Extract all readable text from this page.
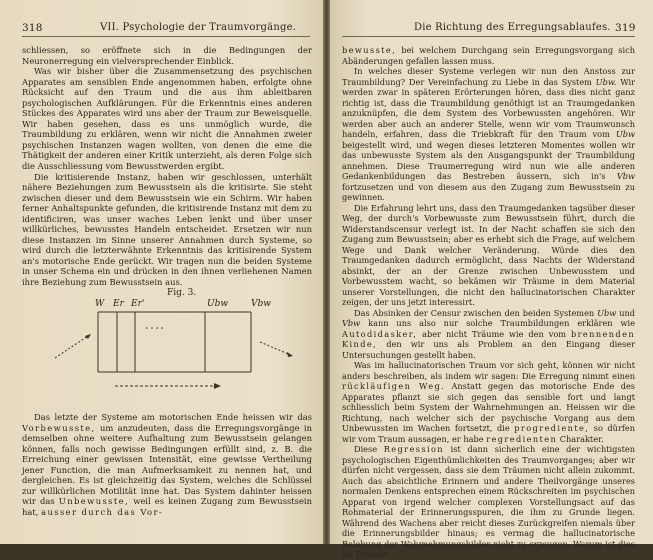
318	VII. Psychologie der Traumvorgänge.

schliessen, so eröffnete sich in die Bedingungen der Neuronerregung ein vielversprechender Einblick.

Was wir bisher über die Zusammensetzung des psychischen Apparates am sensiblen Ende angenommen haben, erfolgte ohne Rücksicht auf den Traum und die aus ihm ableitbaren psychologischen Aufklärungen. Für die Erkenntnis eines anderen Stückes des Apparates wird uns aber der Traum zur Beweisquelle. Wir haben gesehen, dass es uns unmöglich wurde, die Traumbildung zu erklären, wenn wir nicht die Annahmen zweier psychischen Instanzen wagen wollten, von denen die eine die Thätigkeit der anderen einer Kritik unterzieht, als deren Folge sich die Ausschliessung vom Bewusstwerden ergibt.

Die kritisierende Instanz, haben wir geschlossen, unterhält nähere Beziehungen zum Bewusstsein als die kritisirte. Sie steht zwischen dieser und dem Bewusstsein wie ein Schirm. Wir haben ferner Anhaltspunkte gefunden, die kritisirende Instanz mit dem zu identificiren, was unser waches Leben lenkt und über unser willkürliches, bewusstes Handeln entscheidet. Ersetzen wir nun diese Instanzen im Sinne unserer Annahmen durch Systeme, so wird durch die letzterwähnte Erkenntnis das kritisirende System an's motorische Ende gerückt. Wir tragen nun die beiden Systeme in unser Schema ein und drücken in den ihnen verliehenen Namen ihre Beziehung zum Bewusstsein aus.

Fig. 3.
W Er Er'	Ubw	Vbw

Das letzte der Systeme am motorischen Ende heissen wir das Vorbewusste, um anzudeuten, dass die Erregungsvorgänge in demselben ohne weitere Aufhaltung zum Bewusstsein gelangen können, falls noch gewisse Bedingungen erfüllt sind, z. B. die Erreichung einer gewissen Intensität, eine gewisse Vertheilung jener Function, die man Aufmerksamkeit zu nennen hat, und dergleichen. Es ist gleichzeitig das System, welches die Schlüssel zur willkürlichen Motilität inne hat. Das System dahinter heissen wir das Unbewusste, weil es keinen Zugang zum Bewusstsein hat, ausser durch das Vor-

Die Richtung des Erregungsablaufes. 319

bewusste, bei welchem Durchgang sein Erregungsvorgang sich Abänderungen gefallen lassen muss.

In welches dieser Systeme verlegen wir nun den Anstoss zur Traumbildung? Der Vereinfachung zu Liebe in das System Ubw. Wir werden zwar in späteren Erörterungen hören, dass dies nicht ganz richtig ist, dass die Traumbildung genöthigt ist an Traumgedanken anzuknüpfen, die dem System des Vorbewussten angehören. Wir werden aber auch an anderer Stelle, wenn wir vom Traumwunsch handeln, erfahren, dass die Triebkraft für den Traum vom Ubw beigestellt wird, und wegen dieses letzteren Momentes wollen wir das unbewusste System als den Ausgangspunkt der Traumbildung annehmen. Diese Traumerregung wird nun wie alle anderen Gedankenbildungen das Bestreben äussern, sich in's Vbw fortzusetzen und von diesem aus den Zugang zum Bewusstsein zu gewinnen.

Die Erfahrung lehrt uns, dass den Traumgedanken tagsüber dieser Weg, der durch's Vorbewusste zum Bewusstsein führt, durch die Widerstandscensur verlegt ist. In der Nacht schaffen sie sich den Zugang zum Bewusstsein; aber es erhebt sich die Frage, auf welchem Wege und Dank welcher Veränderung. Würde dies den Traumgedanken dadurch ermöglicht, dass Nachts der Widerstand absinkt, der an der Grenze zwischen Unbewusstem und Vorbewusstem wacht, so bekämen wir Träume in dem Material unserer Vorstellungen, die nicht den hallucinatorischen Charakter zeigen, der uns jetzt interessirt.

Das Absinken der Censur zwischen den beiden Systemen Ubw und Vbw kann uns also nur solche Traumbildungen erklären wie Autodidasker, aber nicht Träume wie den vom brennenden Kinde, den wir uns als Problem an den Eingang dieser Untersuchungen gestellt haben.

Was im hallucinatorischen Traum vor sich geht, können wir nicht anders beschreiben, als indem wir sagen: Die Erregung nimmt einen rückläufigen Weg. Anstatt gegen das motorische Ende des Apparates pflanzt sie sich gegen das sensible fort und langt schliesslich beim System der Wahrnehmungen an. Heissen wir die Richtung, nach welcher sich der psychische Vorgang aus dem Unbewussten im Wachen fortsetzt, die progrediente, so dürfen wir vom Traum aussagen, er habe regredienten Charakter.

Diese Regression ist dann sicherlich eine der wichtigsten psychologischen Eigenthümlichkeiten des Traumvorganges; aber wir dürfen nicht vergessen, dass sie dem Träumen nicht allein zukommt. Auch das absichtliche Erinnern und andere Theilvorgänge unseres normalen Denkens entsprechen einem Rückschreiten im psychischen Apparat von irgend welcher complexen Vorstellungsact auf das Rohmaterial der Erinnerungsspuren, die ihm zu Grunde liegen. Während des Wachens aber reicht dieses Zurückgreifen niemals über die Erinnerungsbilder hinaus; es vermag die hallucinatorische Belebung der Wahrnehmungsbilder nicht zu erzeugen. Warum ist dies im Traume
